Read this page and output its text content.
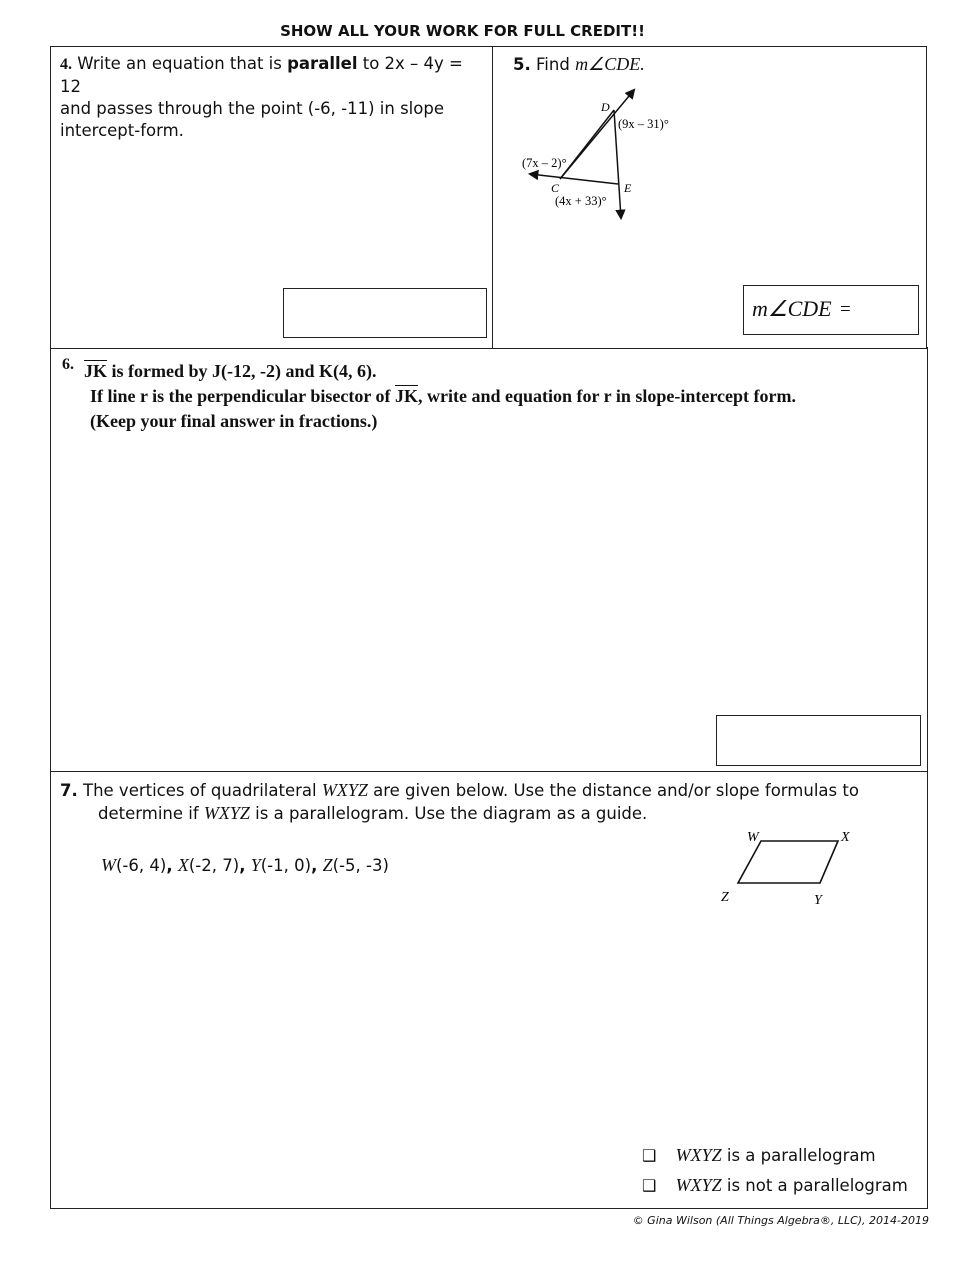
SHOW ALL YOUR WORK FOR FULL CREDIT!!
4. Write an equation that is parallel to 2x – 4y = 12
and passes through the point (-6, -11) in slope
intercept-form.
5. Find m∠CDE.
D
C	E
(9x – 31)°
(7x – 2)°
(4x + 33)°
m∠CDE =
6. $\overline{JK}$ is formed by J(-12, -2) and K(4, 6).
If line r is the perpendicular bisector of $\overline{JK}$, write and equation for r in slope-intercept form.
(Keep your final answer in fractions.)
7. The vertices of quadrilateral WXYZ are given below. Use the distance and/or slope formulas to
determine if WXYZ is a parallelogram. Use the diagram as a guide.
W(-6, 4), X(-2, 7), Y(-1, 0), Z(-5, -3)
W	X
Z	Y
❑ WXYZ is a parallelogram
❑ WXYZ is not a parallelogram
© Gina Wilson (All Things Algebra®, LLC), 2014-2019
